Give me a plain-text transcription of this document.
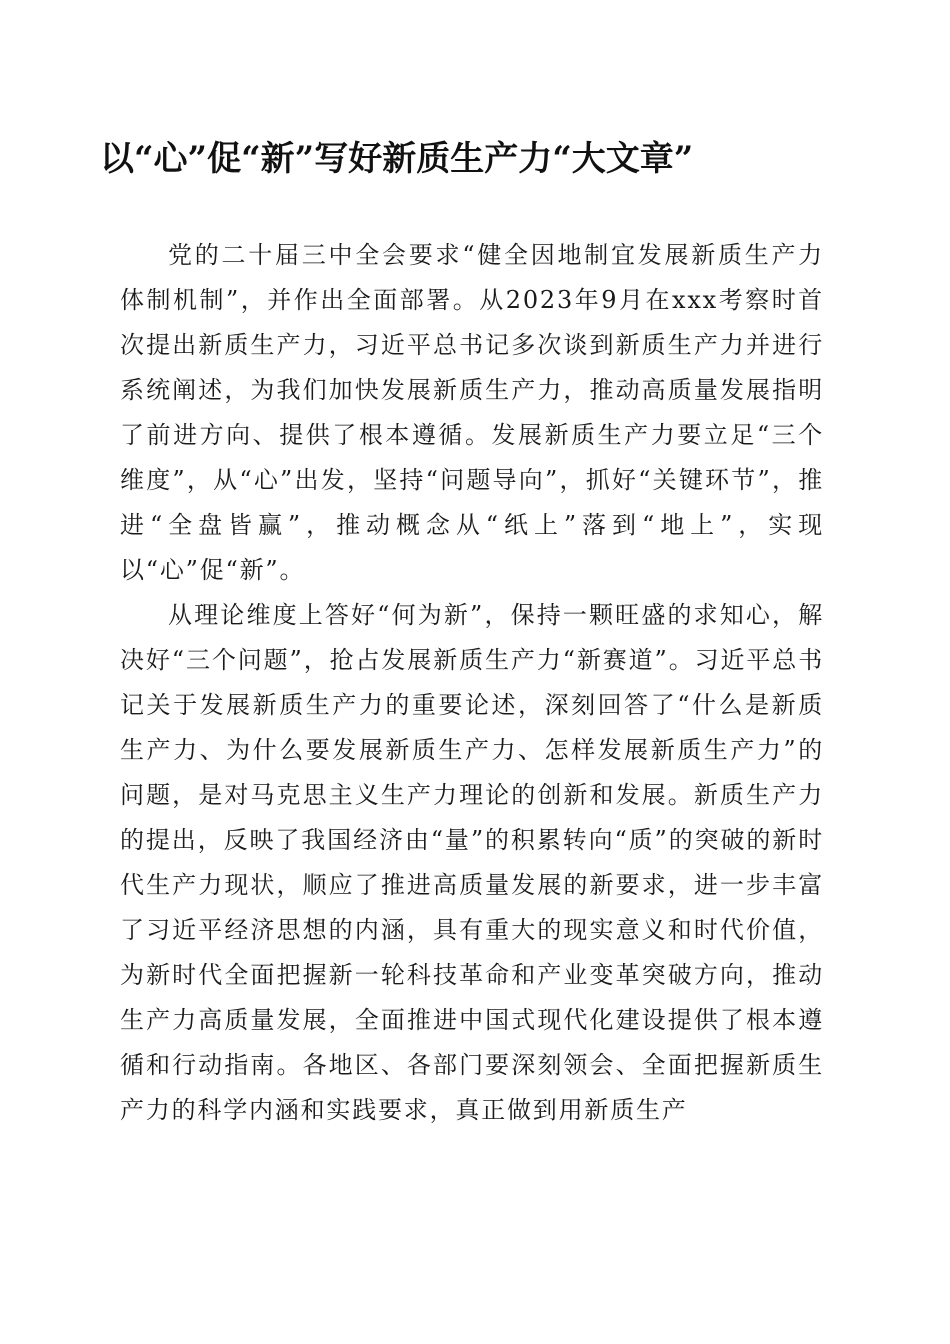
以“心”促“新”写好新质生产力“大文章”

党的二十届三中全会要求“健全因地制宜发展新质生产力体制机制”，并作出全面部署。从2023年9月在xxx考察时首次提出新质生产力，习近平总书记多次谈到新质生产力并进行系统阐述，为我们加快发展新质生产力，推动高质量发展指明了前进方向、提供了根本遵循。发展新质生产力要立足“三个维度”，从“心”出发，坚持“问题导向”，抓好“关键环节”，推进“全盘皆赢”，推动概念从“纸上”落到“地上”，实现以“心”促“新”。

从理论维度上答好“何为新”，保持一颗旺盛的求知心，解决好“三个问题”，抢占发展新质生产力“新赛道”。习近平总书记关于发展新质生产力的重要论述，深刻回答了“什么是新质生产力、为什么要发展新质生产力、怎样发展新质生产力”的问题，是对马克思主义生产力理论的创新和发展。新质生产力的提出，反映了我国经济由“量”的积累转向“质”的突破的新时代生产力现状，顺应了推进高质量发展的新要求，进一步丰富了习近平经济思想的内涵，具有重大的现实意义和时代价值，为新时代全面把握新一轮科技革命和产业变革突破方向，推动生产力高质量发展，全面推进中国式现代化建设提供了根本遵循和行动指南。各地区、各部门要深刻领会、全面把握新质生产力的科学内涵和实践要求，真正做到用新质生产
